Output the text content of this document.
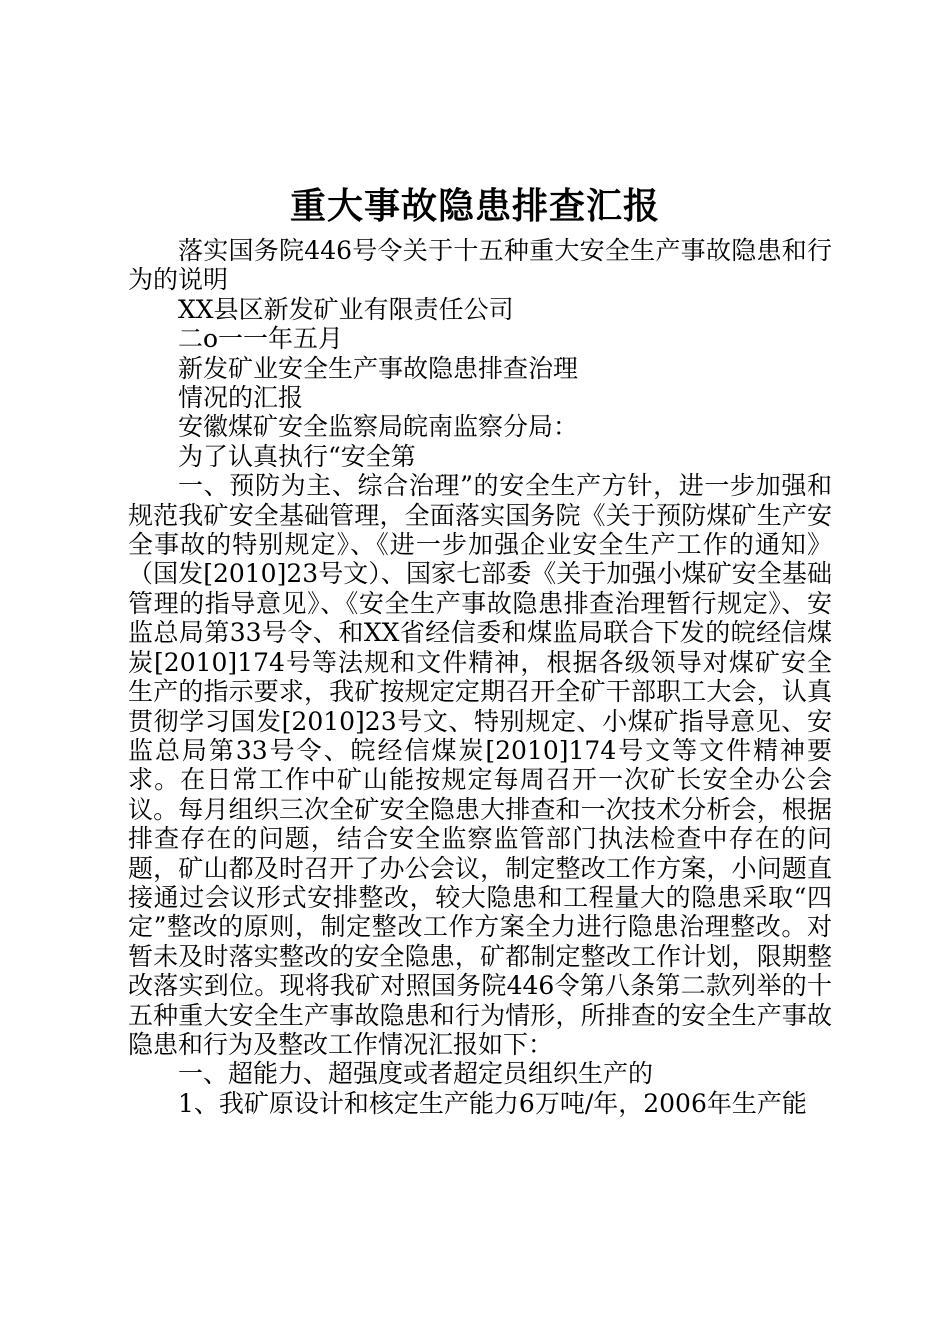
重大事故隐患排查汇报

落实国务院446号令关于十五种重大安全生产事故隐患和行为的说明

XX县区新发矿业有限责任公司

二o一一年五月

新发矿业安全生产事故隐患排查治理

情况的汇报

安徽煤矿安全监察局皖南监察分局：

为了认真执行“安全第

一、预防为主、综合治理”的安全生产方针，进一步加强和规范我矿安全基础管理，全面落实国务院《关于预防煤矿生产安全事故的特别规定》、《进一步加强企业安全生产工作的通知》（国发[2010]23号文）、国家七部委《关于加强小煤矿安全基础管理的指导意见》、《安全生产事故隐患排查治理暂行规定》、安监总局第33号令、和XX省经信委和煤监局联合下发的皖经信煤炭[2010]174号等法规和文件精神，根据各级领导对煤矿安全生产的指示要求，我矿按规定定期召开全矿干部职工大会，认真贯彻学习国发[2010]23号文、特别规定、小煤矿指导意见、安监总局第33号令、皖经信煤炭[2010]174号文等文件精神要求。在日常工作中矿山能按规定每周召开一次矿长安全办公会议。每月组织三次全矿安全隐患大排查和一次技术分析会，根据排查存在的问题，结合安全监察监管部门执法检查中存在的问题，矿山都及时召开了办公会议，制定整改工作方案，小问题直接通过会议形式安排整改，较大隐患和工程量大的隐患采取“四定”整改的原则，制定整改工作方案全力进行隐患治理整改。对暂未及时落实整改的安全隐患，矿都制定整改工作计划，限期整改落实到位。现将我矿对照国务院446令第八条第二款列举的十五种重大安全生产事故隐患和行为情形，所排查的安全生产事故隐患和行为及整改工作情况汇报如下：

一、超能力、超强度或者超定员组织生产的

1、我矿原设计和核定生产能力6万吨/年，2006年生产能
